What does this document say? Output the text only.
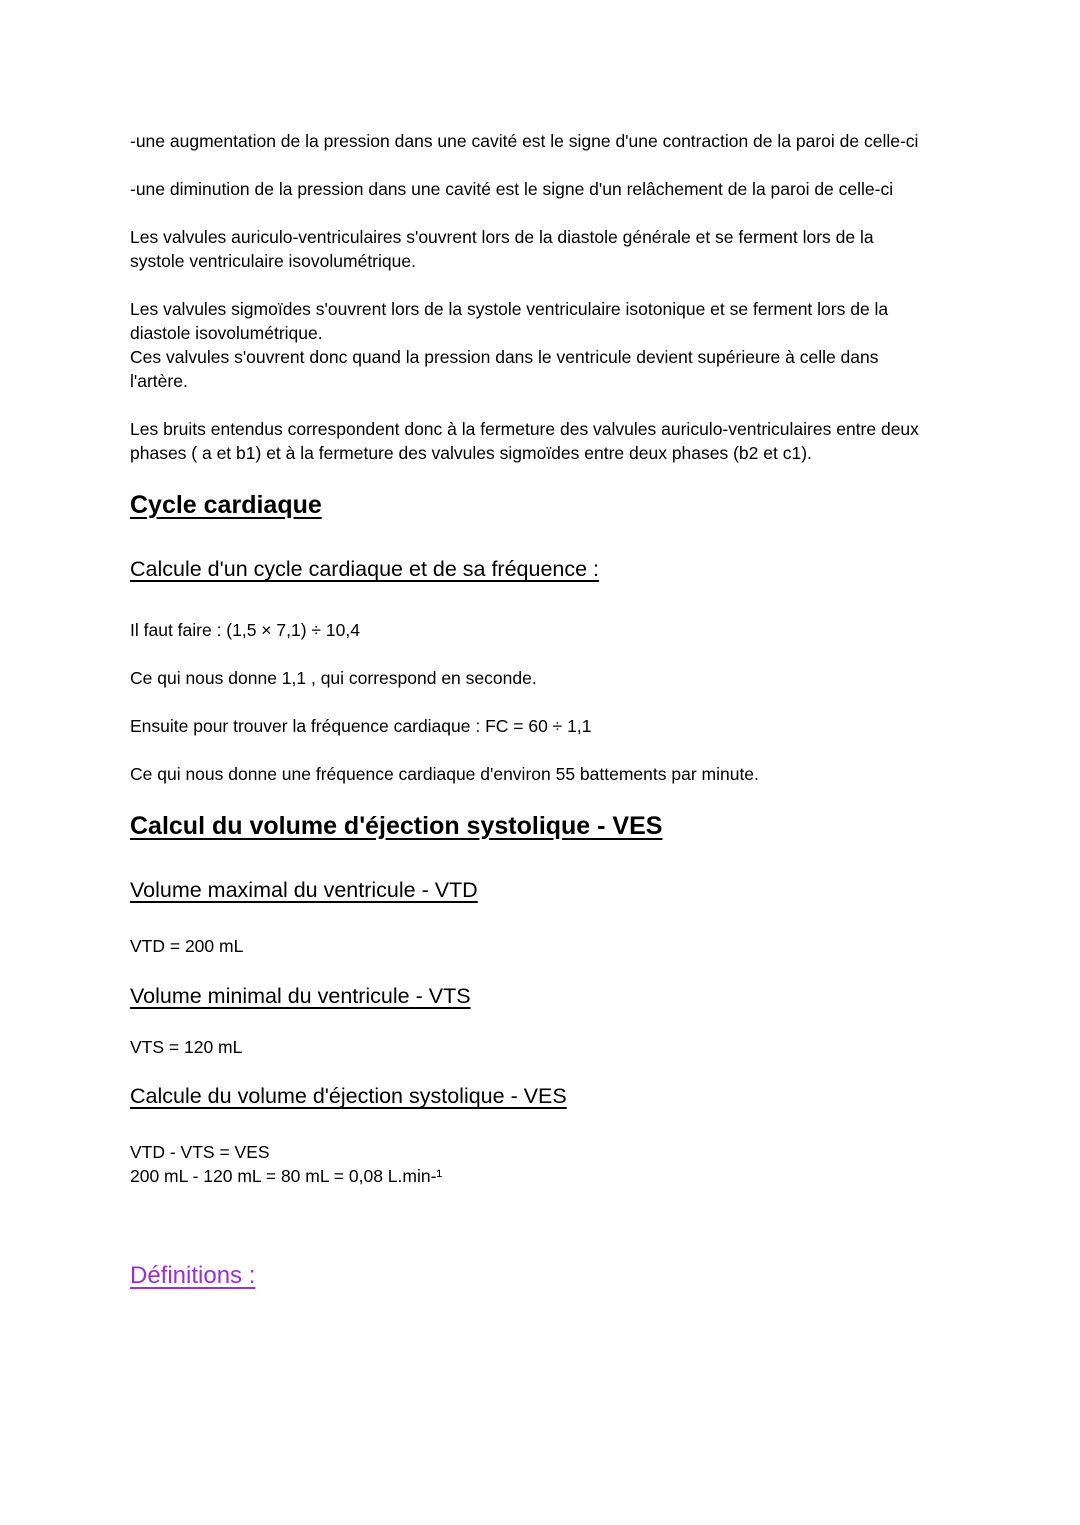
-une augmentation de la pression dans une cavité est le signe d'une contraction de la paroi de celle-ci

-une diminution de la pression dans une cavité est le signe d'un relâchement de la paroi de celle-ci

Les valvules auriculo-ventriculaires s'ouvrent lors de la diastole générale et se ferment lors de la
systole ventriculaire isovolumétrique.

Les valvules sigmoïdes s'ouvrent lors de la systole ventriculaire isotonique et se ferment lors de la
diastole isovolumétrique.
Ces valvules s'ouvrent donc quand la pression dans le ventricule devient supérieure à celle dans
l'artère.

Les bruits entendus correspondent donc à la fermeture des valvules auriculo-ventriculaires entre deux
phases ( a et b1) et à la fermeture des valvules sigmoïdes entre deux phases (b2 et c1).

Cycle cardiaque
Calcule d'un cycle cardiaque et de sa fréquence :

Il faut faire : (1,5 × 7,1) ÷ 10,4

Ce qui nous donne 1,1 , qui correspond en seconde.

Ensuite pour trouver la fréquence cardiaque : FC = 60 ÷ 1,1

Ce qui nous donne une fréquence cardiaque d'environ 55 battements par minute.

Calcul du volume d'éjection systolique - VES
Volume maximal du ventricule - VTD

VTD = 200 mL

Volume minimal du ventricule - VTS

VTS = 120 mL

Calcule du volume d'éjection systolique - VES

VTD - VTS = VES
200 mL - 120 mL = 80 mL = 0,08 L.min-¹

Définitions :
